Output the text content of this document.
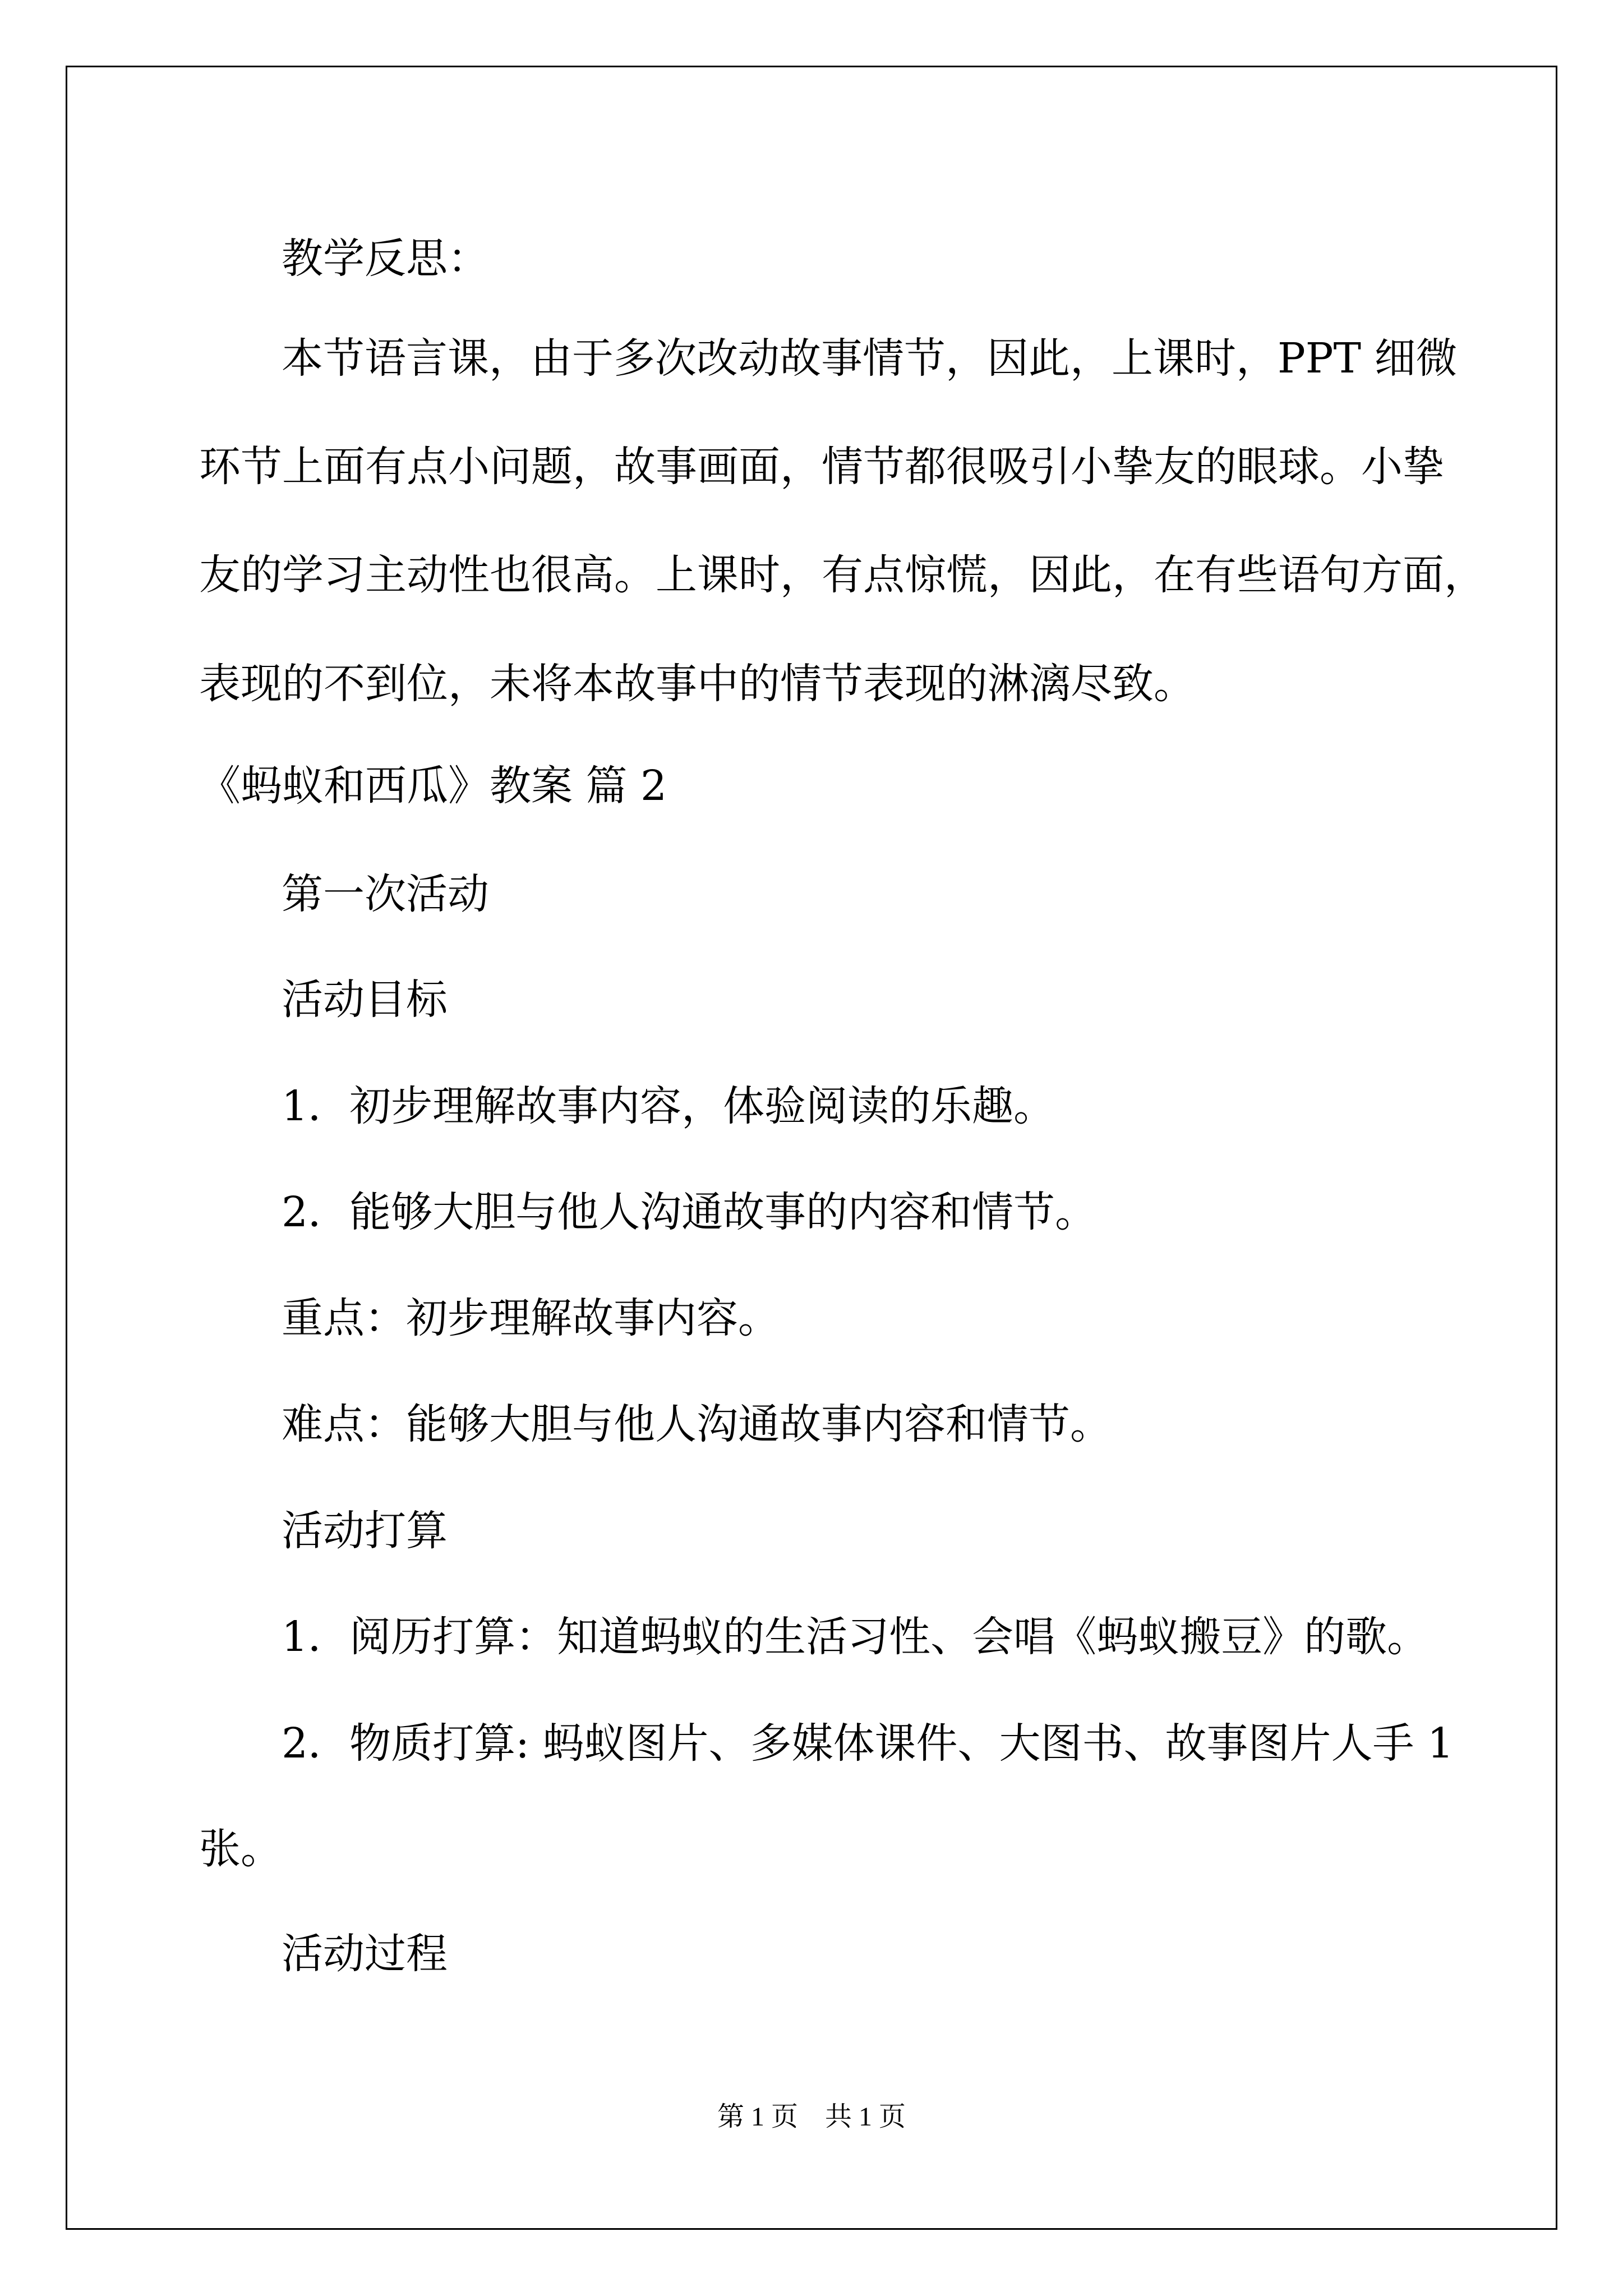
教学反思：
本节语言课，由于多次改动故事情节，因此，上课时，PPT 细微
环节上面有点小问题，故事画面，情节都很吸引小挚友的眼球。小挚
友的学习主动性也很高。上课时，有点惊慌，因此，在有些语句方面，
表现的不到位，未将本故事中的情节表现的淋漓尽致。
《蚂蚁和西瓜》教案 篇 2
第一次活动
活动目标
1．初步理解故事内容，体验阅读的乐趣。
2．能够大胆与他人沟通故事的内容和情节。
重点：初步理解故事内容。
难点：能够大胆与他人沟通故事内容和情节。
活动打算
1．阅历打算：知道蚂蚁的生活习性、会唱《蚂蚁搬豆》的歌。
2．物质打算: 蚂蚁图片、多媒体课件、大图书、故事图片人手 1
张。
活动过程
第 1 页　共 1 页
